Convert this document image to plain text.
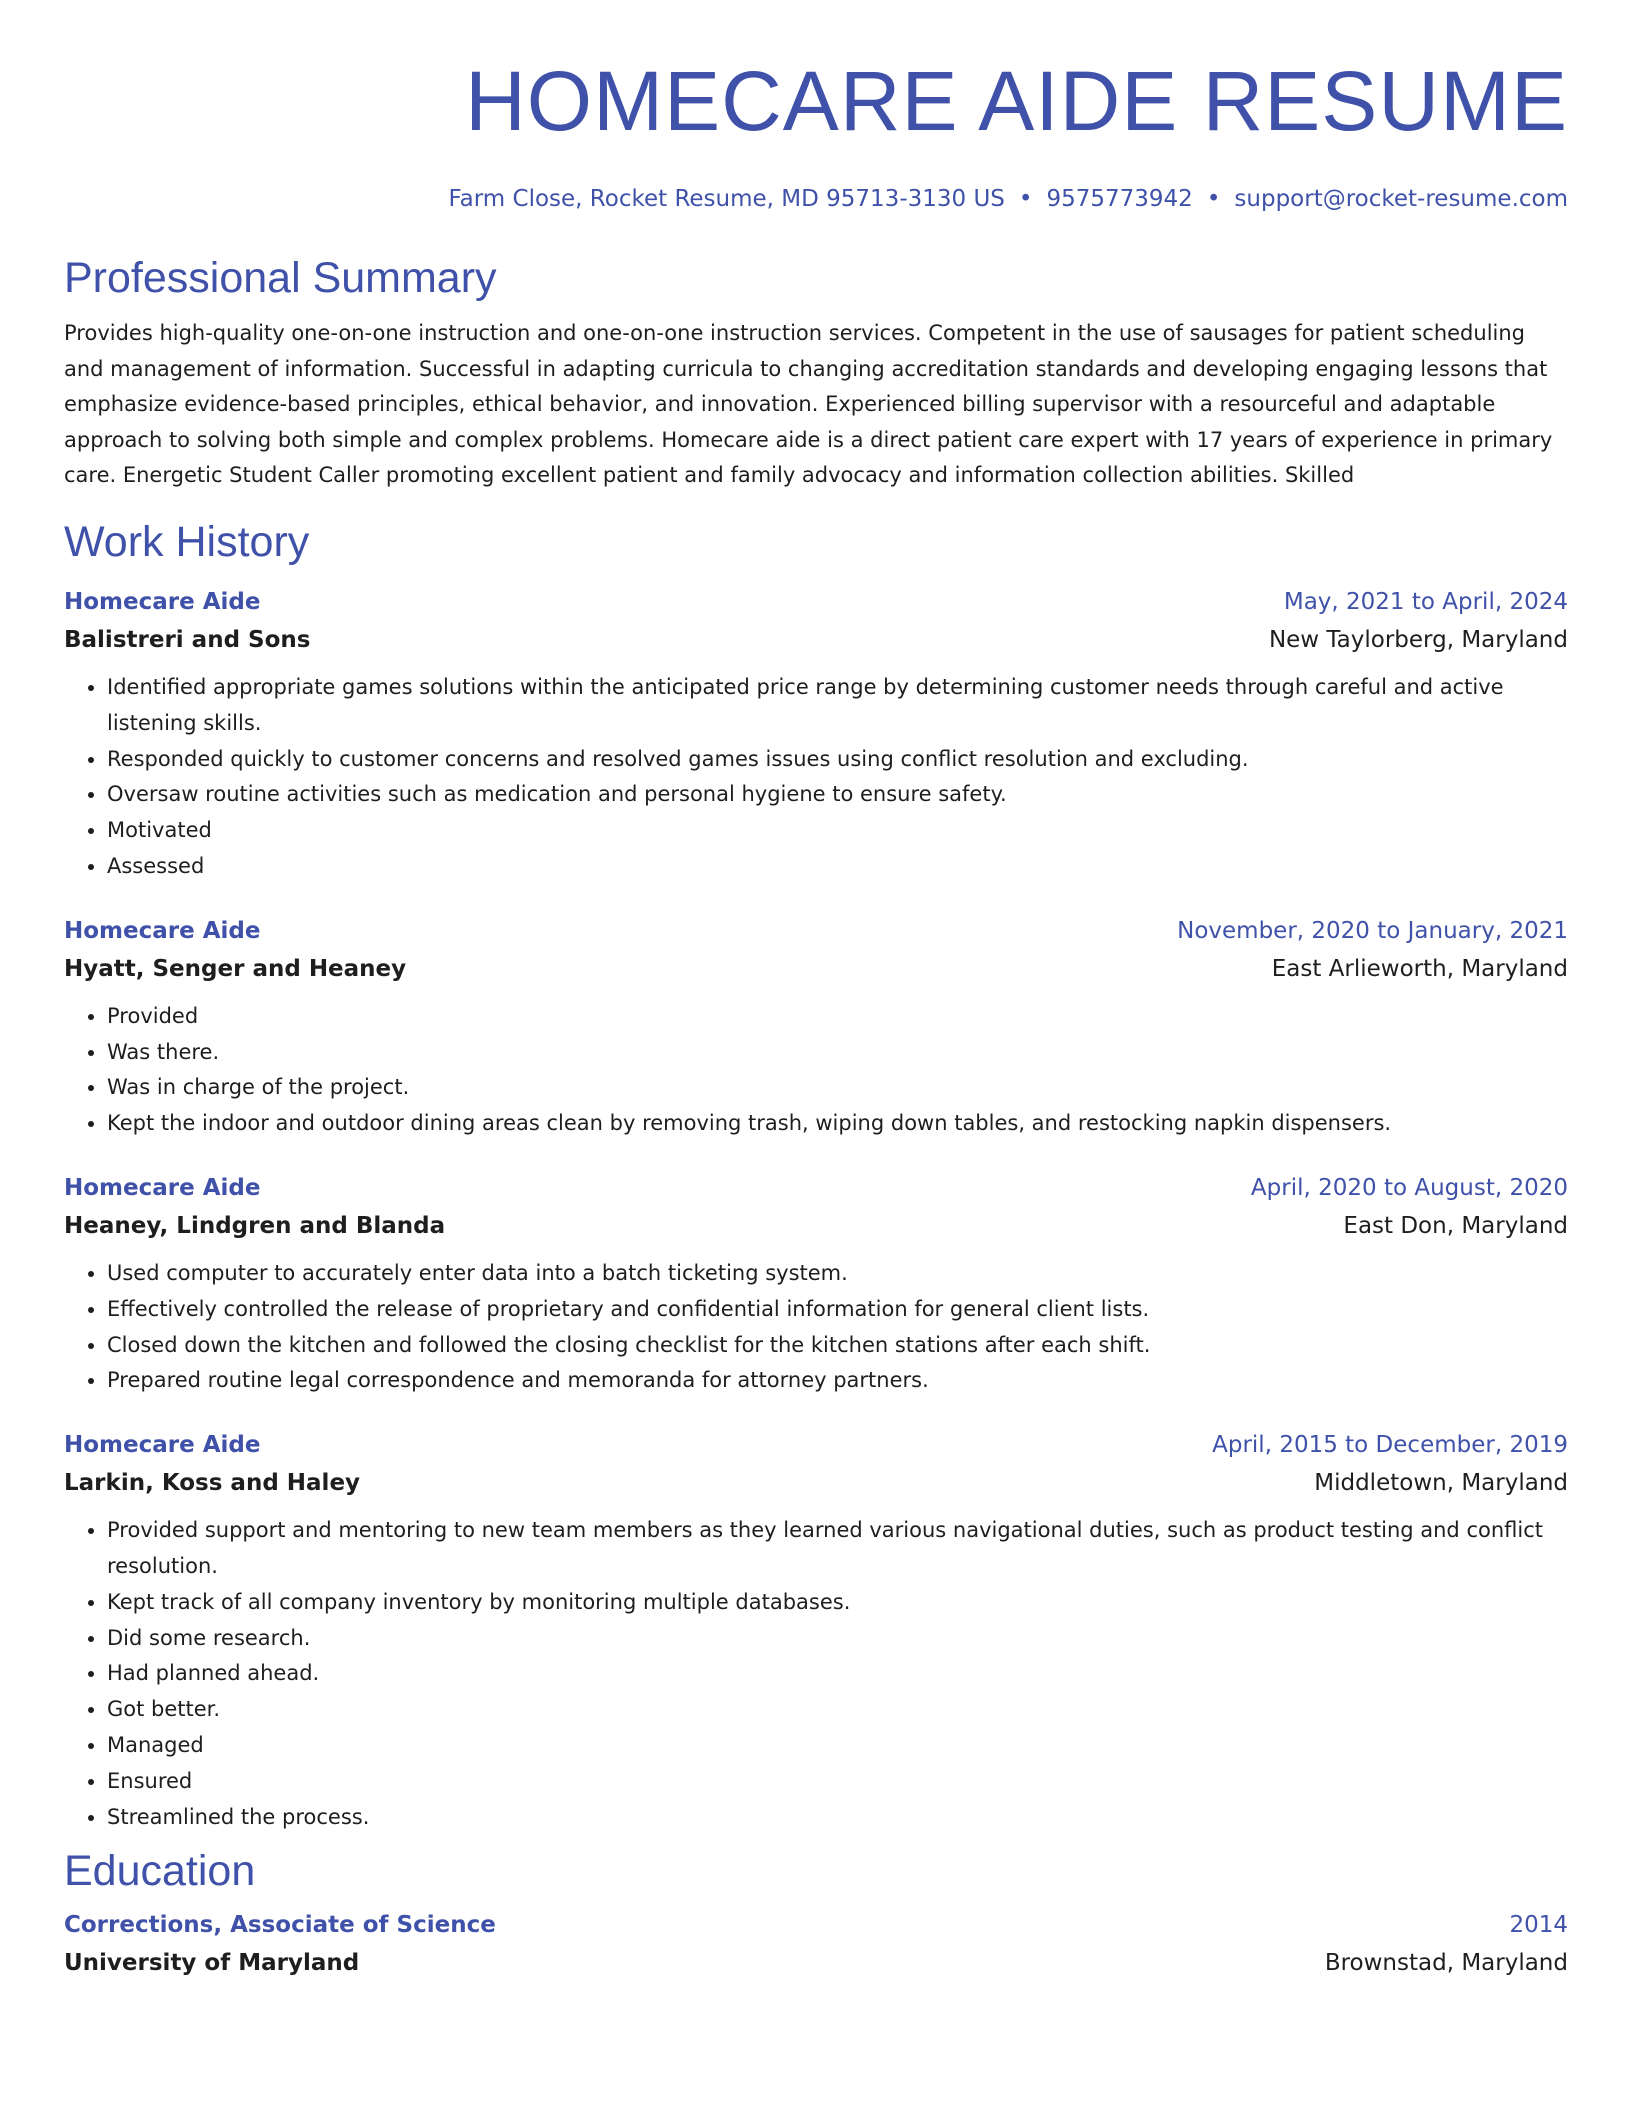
HOMECARE AIDE RESUME
Farm Close, Rocket Resume, MD 95713-3130 US • 9575773942 • support@rocket-resume.com
Professional Summary
Provides high-quality one-on-one instruction and one-on-one instruction services. Competent in the use of sausages for patient scheduling and management of information. Successful in adapting curricula to changing accreditation standards and developing engaging lessons that emphasize evidence-based principles, ethical behavior, and innovation. Experienced billing supervisor with a resourceful and adaptable approach to solving both simple and complex problems. Homecare aide is a direct patient care expert with 17 years of experience in primary care. Energetic Student Caller promoting excellent patient and family advocacy and information collection abilities. Skilled
Work History
Homecare Aide	May, 2021 to April, 2024
Balistreri and Sons	New Taylorberg, Maryland
• Identified appropriate games solutions within the anticipated price range by determining customer needs through careful and active listening skills.
• Responded quickly to customer concerns and resolved games issues using conflict resolution and excluding.
• Oversaw routine activities such as medication and personal hygiene to ensure safety.
• Motivated
• Assessed
Homecare Aide	November, 2020 to January, 2021
Hyatt, Senger and Heaney	East Arlieworth, Maryland
• Provided
• Was there.
• Was in charge of the project.
• Kept the indoor and outdoor dining areas clean by removing trash, wiping down tables, and restocking napkin dispensers.
Homecare Aide	April, 2020 to August, 2020
Heaney, Lindgren and Blanda	East Don, Maryland
• Used computer to accurately enter data into a batch ticketing system.
• Effectively controlled the release of proprietary and confidential information for general client lists.
• Closed down the kitchen and followed the closing checklist for the kitchen stations after each shift.
• Prepared routine legal correspondence and memoranda for attorney partners.
Homecare Aide	April, 2015 to December, 2019
Larkin, Koss and Haley	Middletown, Maryland
• Provided support and mentoring to new team members as they learned various navigational duties, such as product testing and conflict resolution.
• Kept track of all company inventory by monitoring multiple databases.
• Did some research.
• Had planned ahead.
• Got better.
• Managed
• Ensured
• Streamlined the process.
Education
Corrections, Associate of Science	2014
University of Maryland	Brownstad, Maryland
